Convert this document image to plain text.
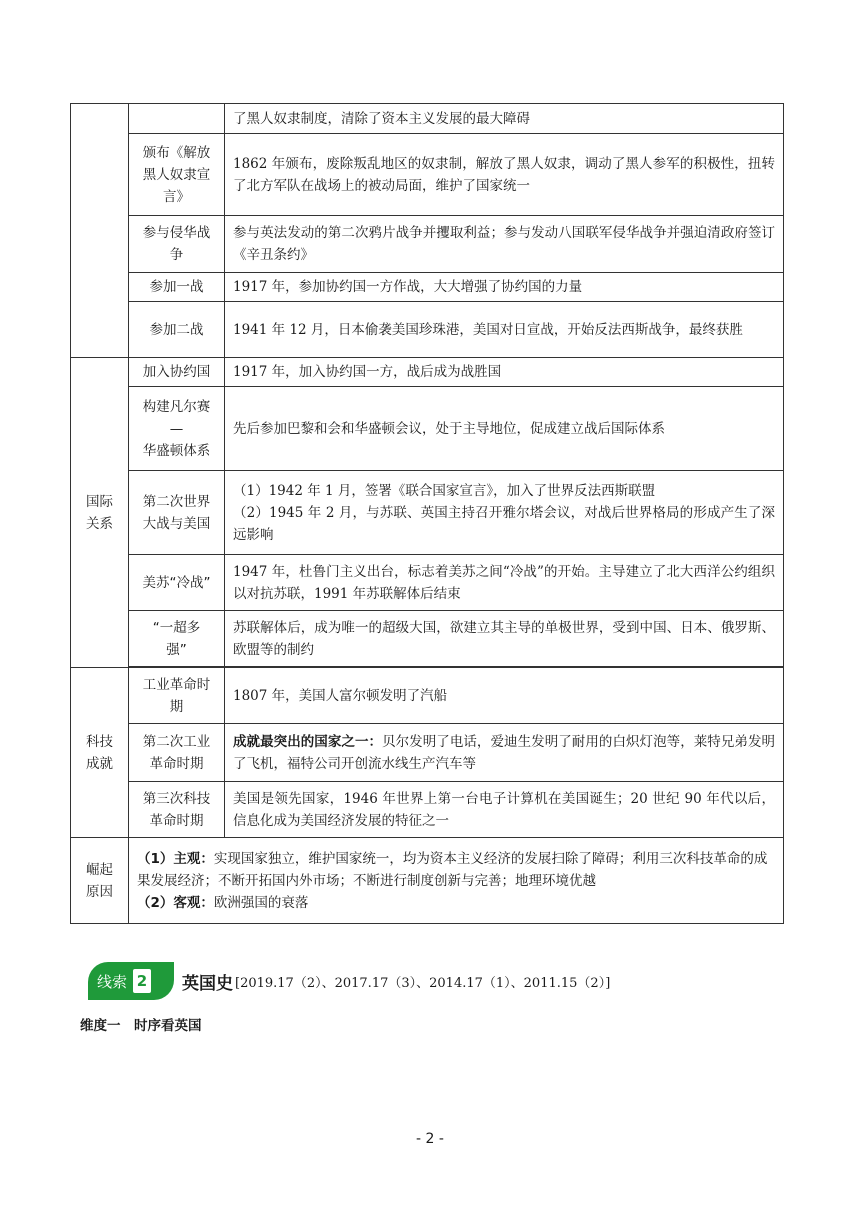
		了黑人奴隶制度，清除了资本主义发展的最大障碍
	颁布《解放
黑人奴隶宣
言》	1862 年颁布，废除叛乱地区的奴隶制，解放了黑人奴隶，调动了黑人参军的积极性，扭转了北方军队在战场上的被动局面，维护了国家统一
	参与侵华战
争	参与英法发动的第二次鸦片战争并攫取利益；参与发动八国联军侵华战争并强迫清政府签订《辛丑条约》
	参加一战	1917 年，参加协约国一方作战，大大增强了协约国的力量
	参加二战	1941 年 12 月，日本偷袭美国珍珠港，美国对日宣战，开始反法西斯战争，最终获胜
国际
关系	加入协约国	1917 年，加入协约国一方，战后成为战胜国
	构建凡尔赛
—
华盛顿体系	先后参加巴黎和会和华盛顿会议，处于主导地位，促成建立战后国际体系
	第二次世界
大战与美国	（1）1942 年 1 月，签署《联合国家宣言》，加入了世界反法西斯联盟
（2）1945 年 2 月，与苏联、英国主持召开雅尔塔会议，对战后世界格局的形成产生了深远影响

	美苏“冷战”	1947 年，杜鲁门主义出台，标志着美苏之间“冷战”的开始。主导建立了北大西洋公约组织以对抗苏联，1991 年苏联解体后结束
	“一超多
强”	苏联解体后，成为唯一的超级大国，欲建立其主导的单极世界，受到中国、日本、俄罗斯、欧盟等的制约

科技
成就	工业革命时
期	1807 年，美国人富尔顿发明了汽船
	第二次工业
革命时期	成就最突出的国家之一：贝尔发明了电话，爱迪生发明了耐用的白炽灯泡等，莱特兄弟发明了飞机，福特公司开创流水线生产汽车等
	第三次科技
革命时期	美国是领先国家，1946 年世界上第一台电子计算机在美国诞生；20 世纪 90 年代以后，信息化成为美国经济发展的特征之一
崛起
原因	（1）主观：实现国家独立，维护国家统一，均为资本主义经济的发展扫除了障碍；利用三次科技革命的成果发展经济；不断开拓国内外市场；不断进行制度创新与完善；地理环境优越
（2）客观：欧洲强国的衰落	
线索 2 英国史 [2019.17（2）、2017.17（3）、2014.17（1）、2011.15（2）]
维度一　时序看英国
- 2 -
